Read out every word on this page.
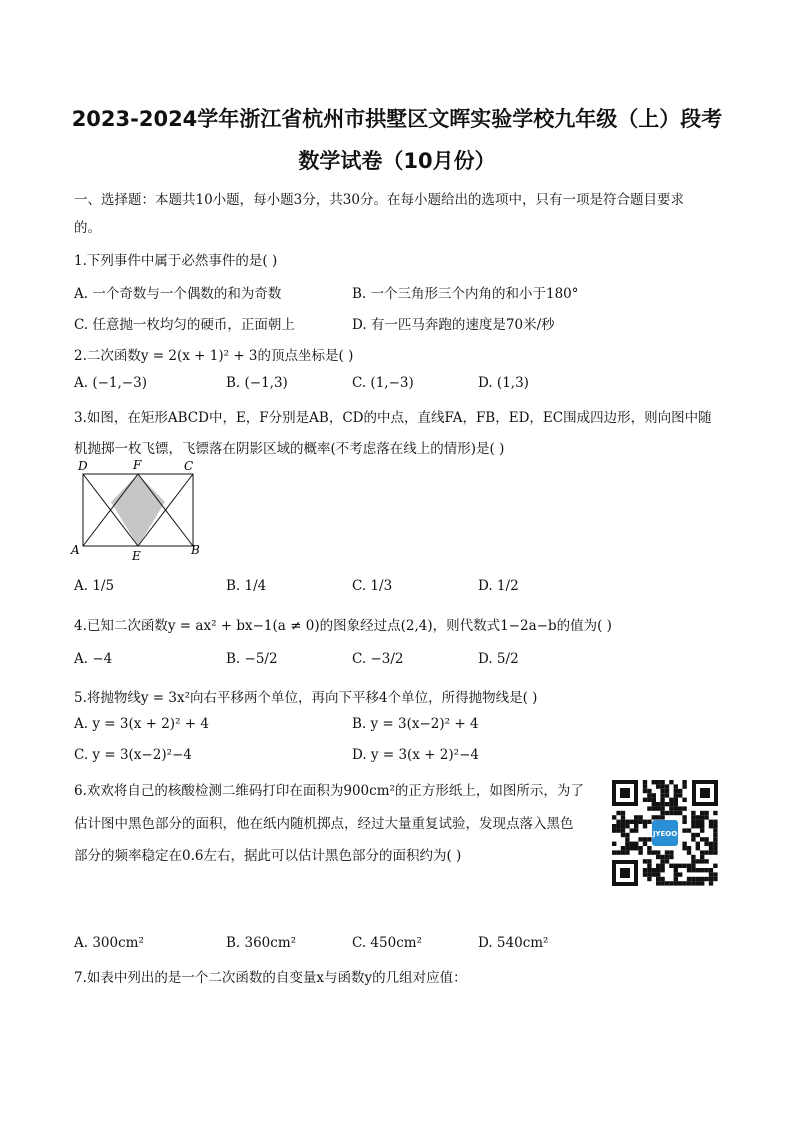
2023-2024学年浙江省杭州市拱墅区文晖实验学校九年级（上）段考
数学试卷（10月份）
一、选择题：本题共10小题，每小题3分，共30分。在每小题给出的选项中，只有一项是符合题目要求
的。
1.下列事件中属于必然事件的是( )
A. 一个奇数与一个偶数的和为奇数	B. 一个三角形三个内角的和小于180°
C. 任意抛一枚均匀的硬币，正面朝上	D. 有一匹马奔跑的速度是70米/秒
2.二次函数y = 2(x + 1)² + 3的顶点坐标是( )
A. (−1,−3)	B. (−1,3)	C. (1,−3)	D. (1,3)
3.如图，在矩形ABCD中，E，F分别是AB，CD的中点，直线FA，FB，ED，EC围成四边形，则向图中随
机抛掷一枚飞镖，飞镖落在阴影区域的概率(不考虑落在线上的情形)是( )
D	F	C
A	E	B
A. 1/5	B. 1/4	C. 1/3	D. 1/2
4.已知二次函数y = ax² + bx−1(a ≠ 0)的图象经过点(2,4)，则代数式1−2a−b的值为( )
A. −4	B. −5/2	C. −3/2	D. 5/2
5.将抛物线y = 3x²向右平移两个单位，再向下平移4个单位，所得抛物线是( )
A. y = 3(x + 2)² + 4	B. y = 3(x−2)² + 4
C. y = 3(x−2)²−4	D. y = 3(x + 2)²−4
6.欢欢将自己的核酸检测二维码打印在面积为900cm²的正方形纸上，如图所示，为了
估计图中黑色部分的面积，他在纸内随机掷点，经过大量重复试验，发现点落入黑色
部分的频率稳定在0.6左右，据此可以估计黑色部分的面积约为( )
JYEOO
A. 300cm²	B. 360cm²	C. 450cm²	D. 540cm²
7.如表中列出的是一个二次函数的自变量x与函数y的几组对应值：
